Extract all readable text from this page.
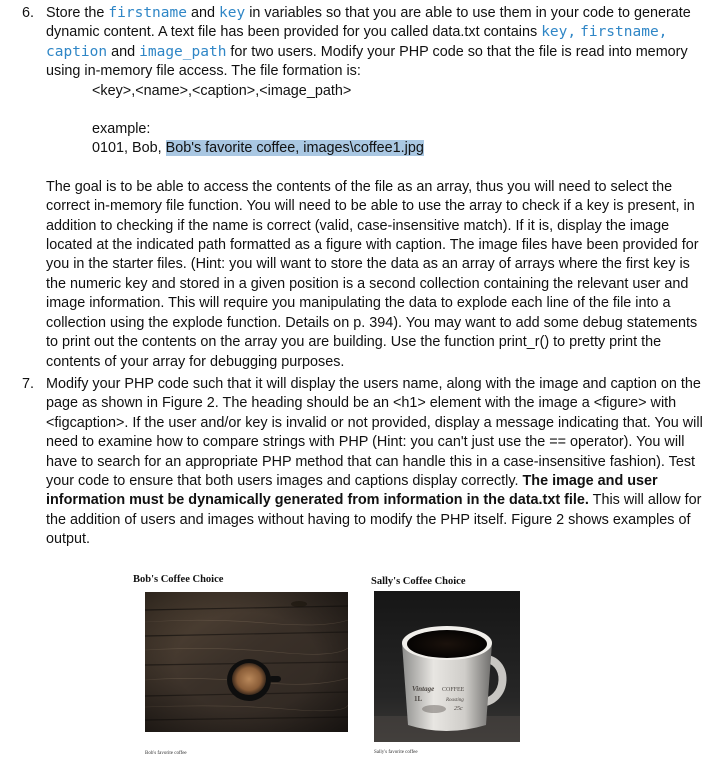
6. Store the firstname and key in variables so that you are able to use them in your code to generate dynamic content. A text file has been provided for you called data.txt contains key, firstname, caption and image_path for two users. Modify your PHP code so that the file is read into memory using in-memory file access. The file formation is:

<key>,<name>,<caption>,<image_path>

example:

0101, Bob, Bob's favorite coffee, images\coffee1.jpg

The goal is to be able to access the contents of the file as an array, thus you will need to select the correct in-memory file function. You will need to be able to use the array to check if a key is present, in addition to checking if the name is correct (valid, case-insensitive match). If it is, display the image located at the indicated path formatted as a figure with caption. The image files have been provided for you in the starter files. (Hint: you will want to store the data as an array of arrays where the first key is the numeric key and stored in a given position is a second collection containing the relevant user and image information. This will require you manipulating the data to explode each line of the file into a collection using the explode function. Details on p. 394). You may want to add some debug statements to print out the contents on the array you are building. Use the function print_r() to pretty print the contents of your array for debugging purposes.

7. Modify your PHP code such that it will display the users name, along with the image and caption on the page as shown in Figure 2. The heading should be an <h1> element with the image a <figure> with <figcaption>. If the user and/or key is invalid or not provided, display a message indicating that. You will need to examine how to compare strings with PHP (Hint: you can't just use the == operator). You will have to search for an appropriate PHP method that can handle this in a case-insensitive fashion). Test your code to ensure that both users images and captions display correctly. The image and user information must be dynamically generated from information in the data.txt file. This will allow for the addition of users and images without having to modify the PHP itself. Figure 2 shows examples of output.

Bob's Coffee Choice
Bob's favorite coffee
Sally's Coffee Choice
Vintage COFFEE
1L	Roasting
25c
Sally's favorite coffee
